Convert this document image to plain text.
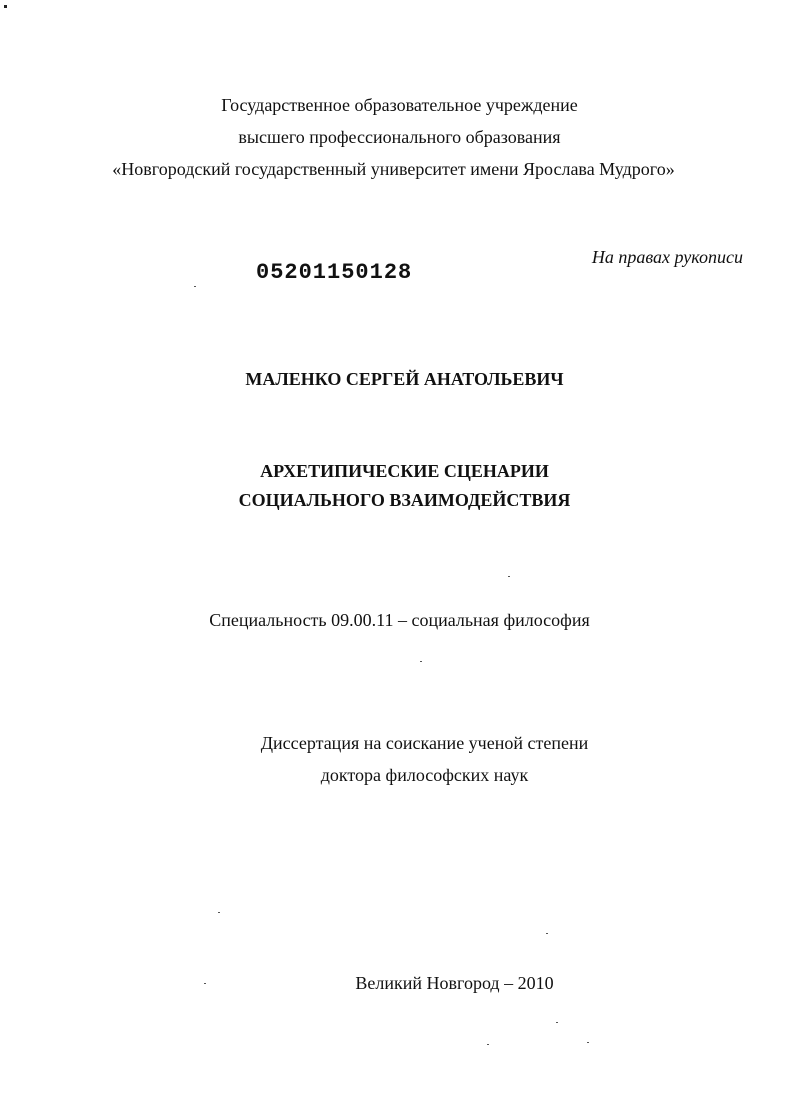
Государственное образовательное учреждение
высшего профессионального образования
«Новгородский государственный университет имени Ярослава Мудрого»
05201150128
На правах рукописи
МАЛЕНКО СЕРГЕЙ АНАТОЛЬЕВИЧ
АРХЕТИПИЧЕСКИЕ СЦЕНАРИИ
СОЦИАЛЬНОГО ВЗАИМОДЕЙСТВИЯ
Специальность 09.00.11 – социальная философия
Диссертация на соискание ученой степени
доктора философских наук
Великий Новгород – 2010
